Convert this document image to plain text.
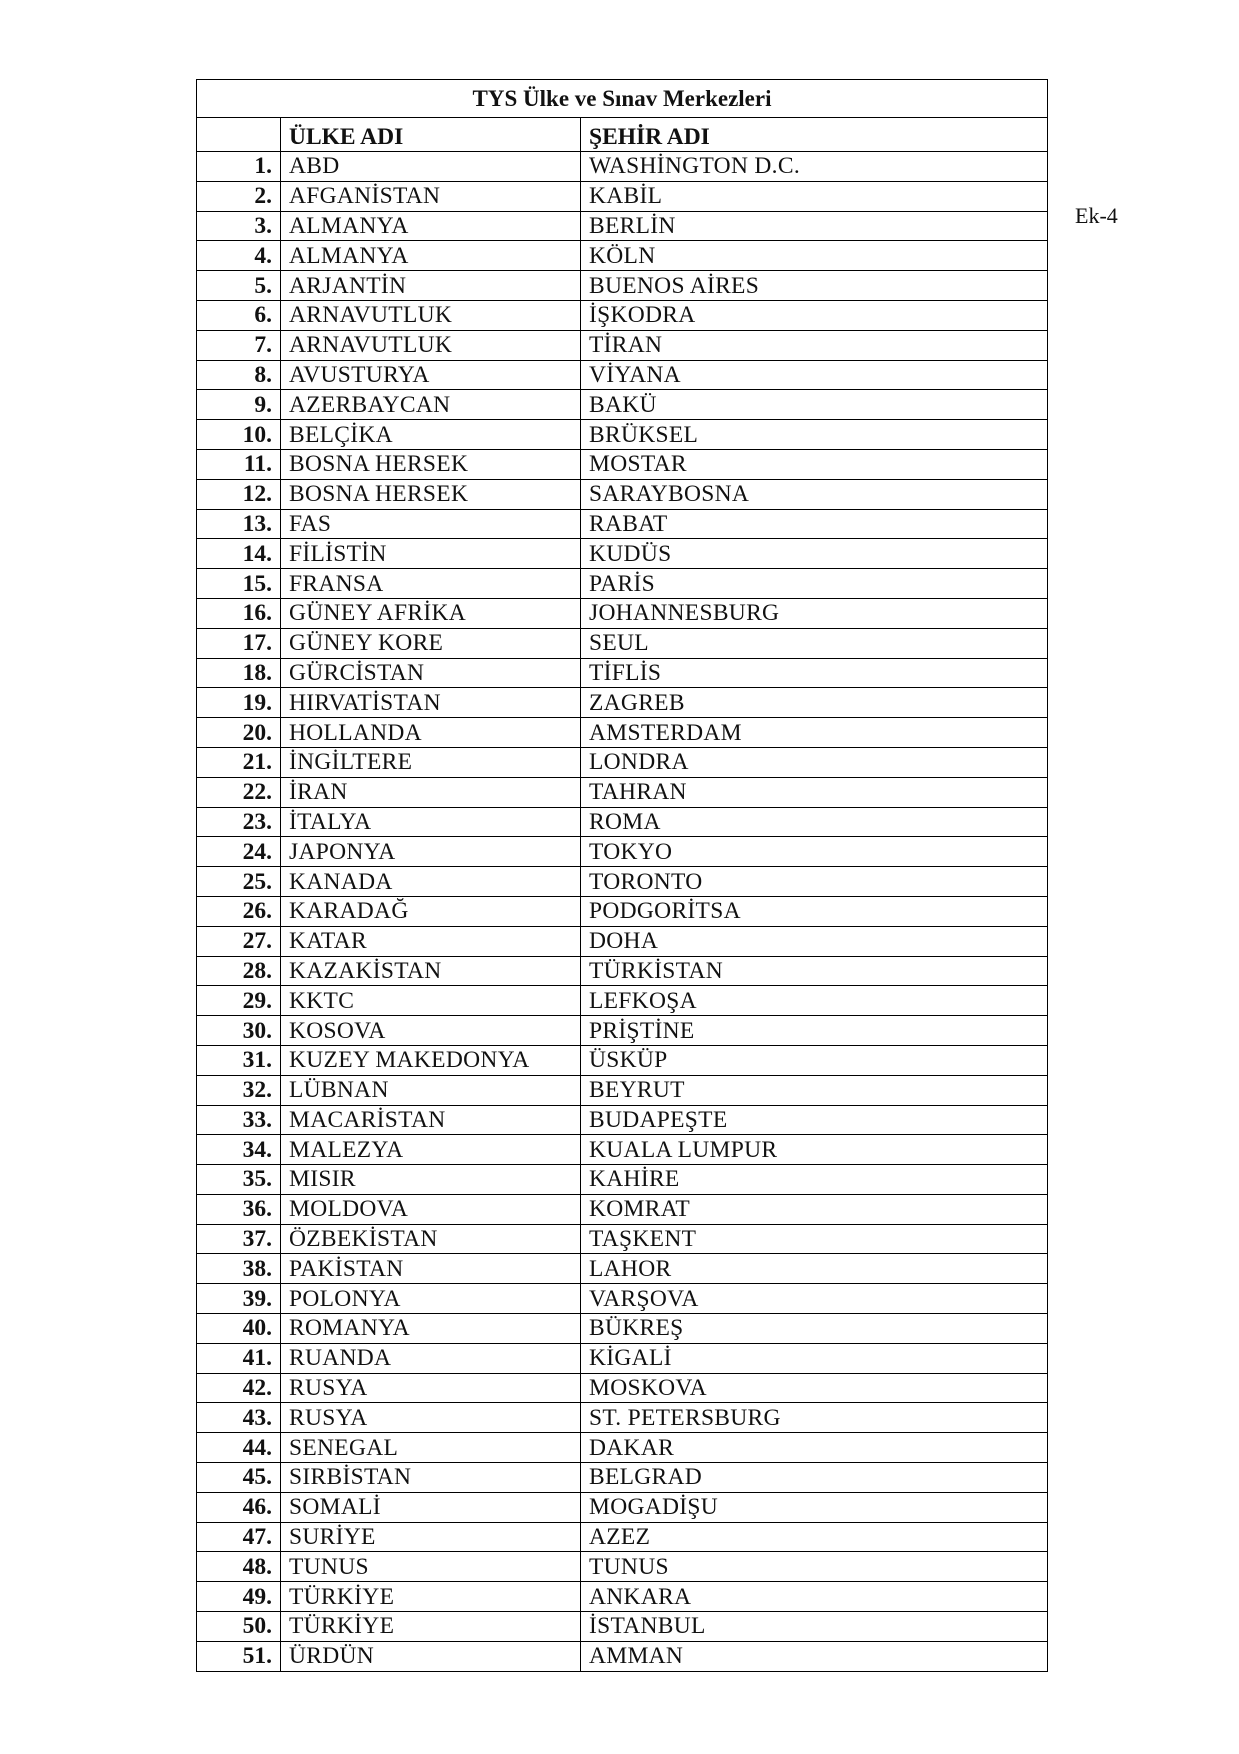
Ek-4
TYS Ülke ve Sınav Merkezleri		
	ÜLKE ADI	ŞEHİR ADI
1.	ABD	WASHİNGTON D.C.
2.	AFGANİSTAN	KABİL
3.	ALMANYA	BERLİN
4.	ALMANYA	KÖLN
5.	ARJANTİN	BUENOS AİRES
6.	ARNAVUTLUK	İŞKODRA
7.	ARNAVUTLUK	TİRAN
8.	AVUSTURYA	VİYANA
9.	AZERBAYCAN	BAKÜ
10.	BELÇİKA	BRÜKSEL
11.	BOSNA HERSEK	MOSTAR
12.	BOSNA HERSEK	SARAYBOSNA
13.	FAS	RABAT
14.	FİLİSTİN	KUDÜS
15.	FRANSA	PARİS
16.	GÜNEY AFRİKA	JOHANNESBURG
17.	GÜNEY KORE	SEUL
18.	GÜRCİSTAN	TİFLİS
19.	HIRVATİSTAN	ZAGREB
20.	HOLLANDA	AMSTERDAM
21.	İNGİLTERE	LONDRA
22.	İRAN	TAHRAN
23.	İTALYA	ROMA
24.	JAPONYA	TOKYO
25.	KANADA	TORONTO
26.	KARADAĞ	PODGORİTSA
27.	KATAR	DOHA
28.	KAZAKİSTAN	TÜRKİSTAN
29.	KKTC	LEFKOŞA
30.	KOSOVA	PRİŞTİNE
31.	KUZEY MAKEDONYA	ÜSKÜP
32.	LÜBNAN	BEYRUT
33.	MACARİSTAN	BUDAPEŞTE
34.	MALEZYA	KUALA LUMPUR
35.	MISIR	KAHİRE
36.	MOLDOVA	KOMRAT
37.	ÖZBEKİSTAN	TAŞKENT
38.	PAKİSTAN	LAHOR
39.	POLONYA	VARŞOVA
40.	ROMANYA	BÜKREŞ
41.	RUANDA	KİGALİ
42.	RUSYA	MOSKOVA
43.	RUSYA	ST. PETERSBURG
44.	SENEGAL	DAKAR
45.	SIRBİSTAN	BELGRAD
46.	SOMALİ	MOGADİŞU
47.	SURİYE	AZEZ
48.	TUNUS	TUNUS
49.	TÜRKİYE	ANKARA
50.	TÜRKİYE	İSTANBUL
51.	ÜRDÜN	AMMAN
